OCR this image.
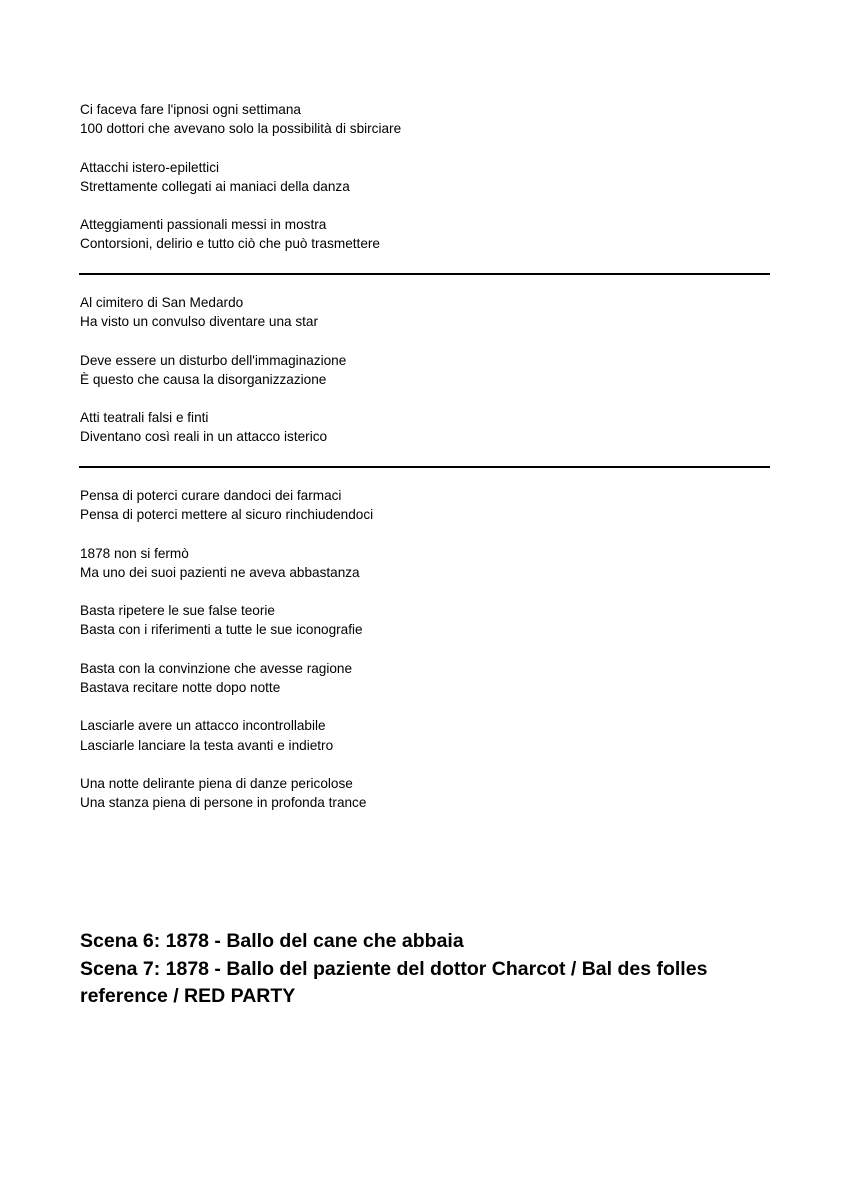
Ci faceva fare l'ipnosi ogni settimana
100 dottori che avevano solo la possibilità di sbirciare
Attacchi istero-epilettici
Strettamente collegati ai maniaci della danza
Atteggiamenti passionali messi in mostra
Contorsioni, delirio e tutto ciò che può trasmettere
Al cimitero di San Medardo
Ha visto un convulso diventare una star
Deve essere un disturbo dell'immaginazione
È questo che causa la disorganizzazione
Atti teatrali falsi e finti
Diventano così reali in un attacco isterico
Pensa di poterci curare dandoci dei farmaci
Pensa di poterci mettere al sicuro rinchiudendoci
1878 non si fermò
Ma uno dei suoi pazienti ne aveva abbastanza
Basta ripetere le sue false teorie
Basta con i riferimenti a tutte le sue iconografie
Basta con la convinzione che avesse ragione
Bastava recitare notte dopo notte
Lasciarle avere un attacco incontrollabile
Lasciarle lanciare la testa avanti e indietro
Una notte delirante piena di danze pericolose
Una stanza piena di persone in profonda trance
Scena 6: 1878 - Ballo del cane che abbaia
Scena 7: 1878 - Ballo del paziente del dottor Charcot / Bal des folles
reference / RED PARTY
